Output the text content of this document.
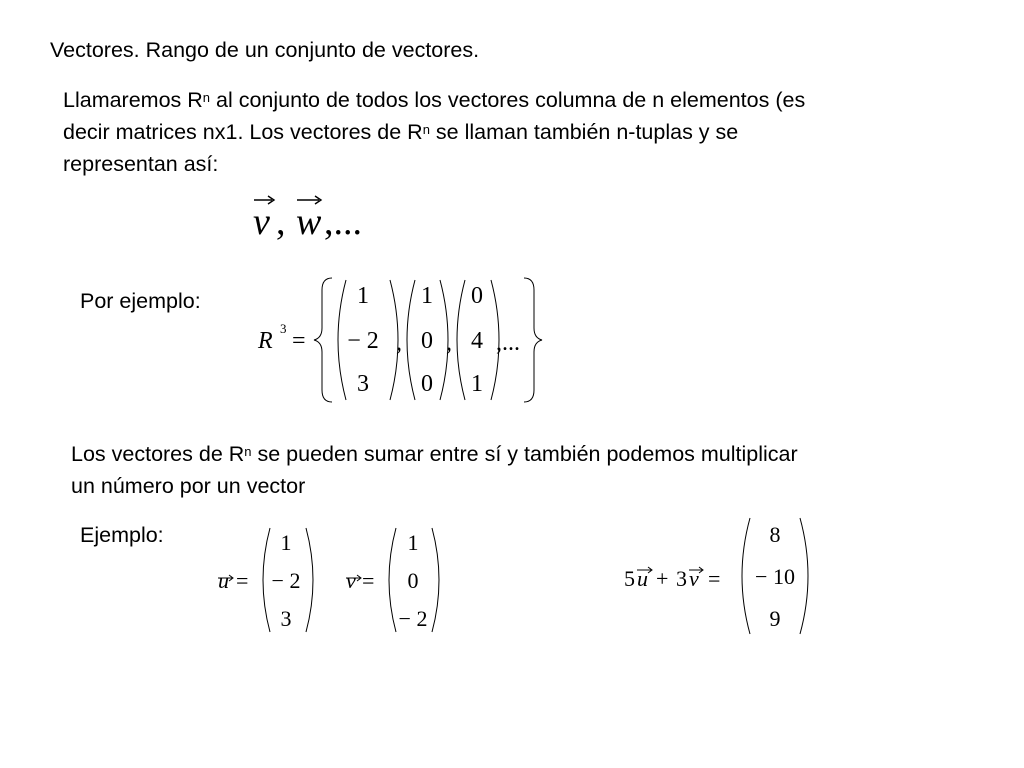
Vectores. Rango de un conjunto de vectores.
Llamaremos $R^n$ al conjunto de todos los vectores columna de n elementos (es
decir matrices nx1. Los vectores de $R^n$ se llaman también n-tuplas y se
representan así:
v , w ,...
Por ejemplo:
R 3 =
1
− 2
3
,
1
0
0
,
0
4
1
,...
Los vectores de $R^n$ se pueden sumar entre sí y también podemos multiplicar
un número por un vector
Ejemplo:
u =
1
− 2
3
v =
1
0
− 2
5 u + 3 v =
8
− 10
9
